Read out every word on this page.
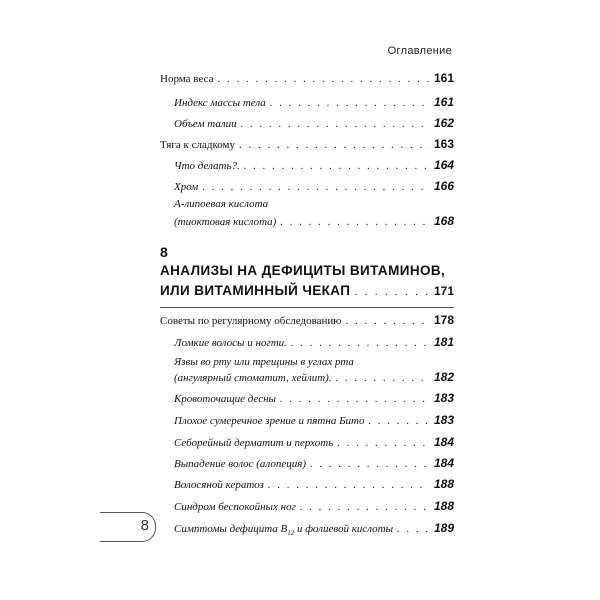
Оглавление
Норма веса . . .	161
Индекс массы тела . . .	161
Объем талии . . .	162
Тяга к сладкому . . .	163
Что делать?. . . .	164
Хром . . .	166
А-липоевая кислота
(тиоктовая кислота) . . .	168
8
АНАЛИЗЫ НА ДЕФИЦИТЫ ВИТАМИНОВ,
ИЛИ ВИТАМИННЫЙ ЧЕКАП . . .	171
Советы по регулярному обследованию . . .	178
Ломкие волосы и ногти. . . .	181
Язвы во рту или трещины в углах рта
(ангулярный стоматит, хейлит). . . .	182
Кровоточащие десны . . .	183
Плохое сумеречное зрение и пятна Бито . . .	183
Себорейный дерматит и перхоть . . .	184
Выпадение волос (алопеция) . . .	184
Волосяной кератоз . . .	188
Синдром беспокойных ног . . .	188
Симптомы дефицита $В_{12}$ и фолиевой кислоты . . .	189
8
